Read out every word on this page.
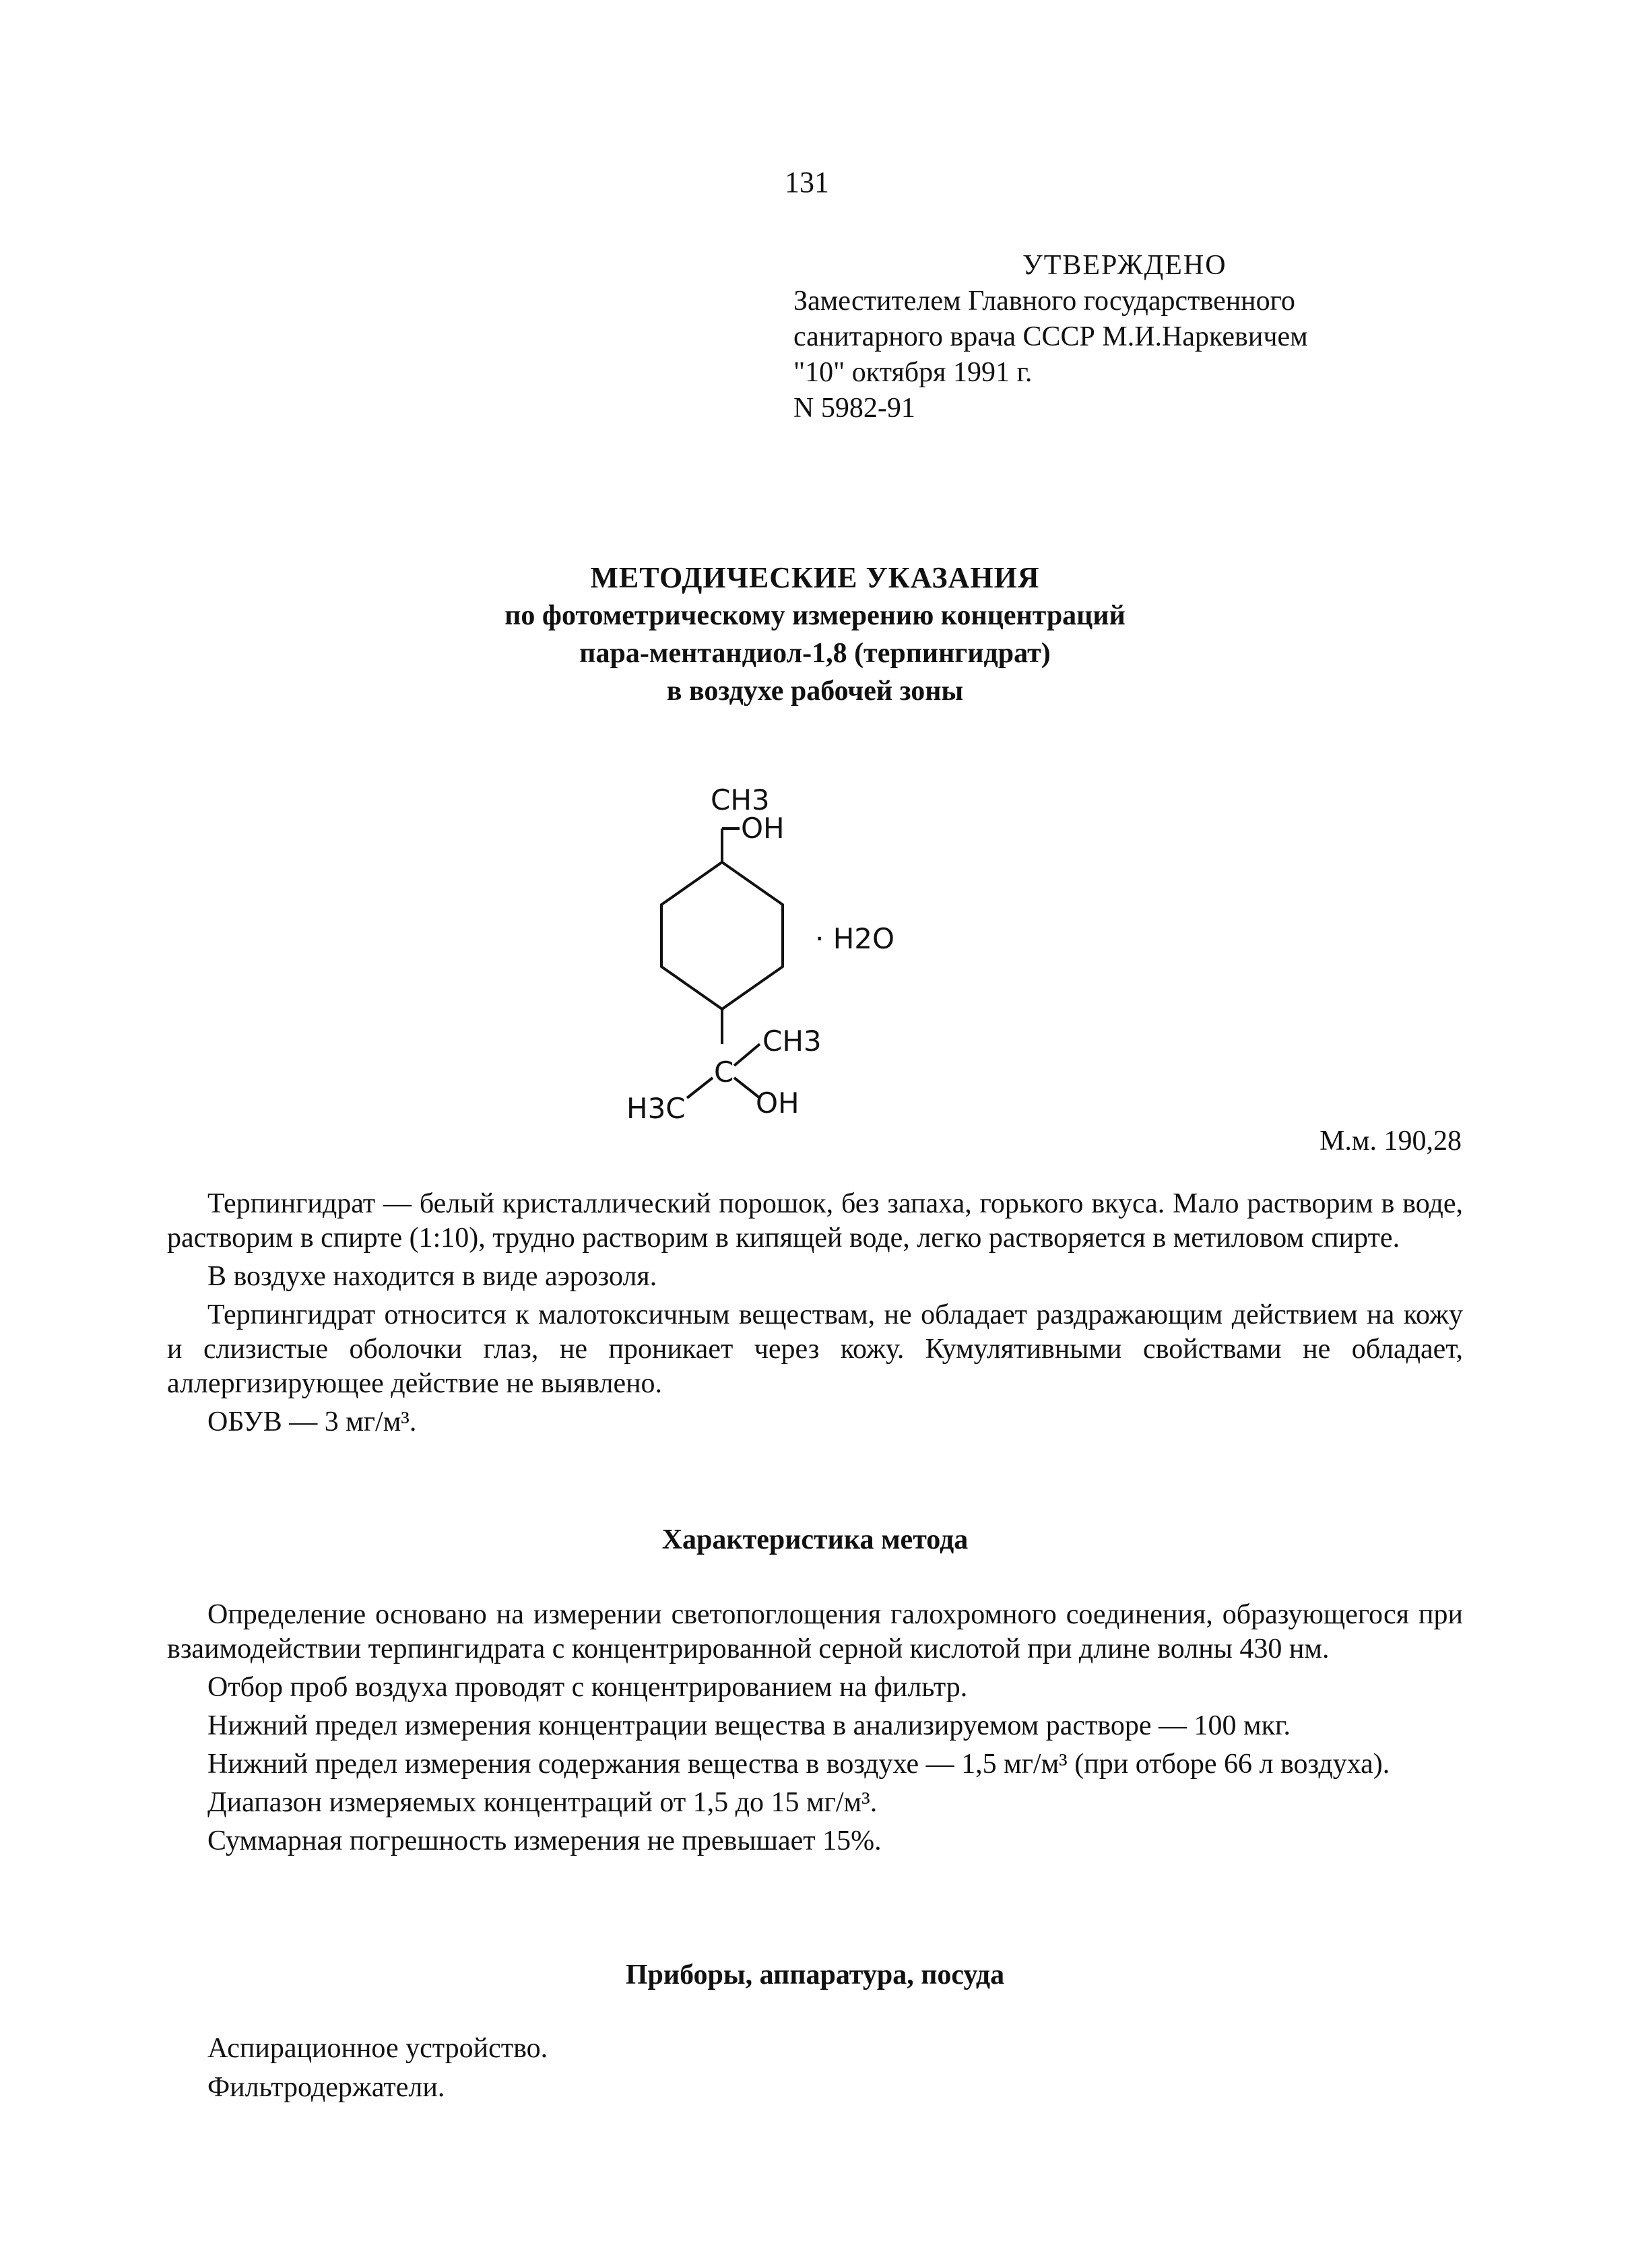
131
УТВЕРЖДЕНО
Заместителем Главного государственного
санитарного врача СССР М.И.Наркевичем
"10" октября 1991 г.
N 5982-91
МЕТОДИЧЕСКИЕ УКАЗАНИЯ
по фотометрическому измерению концентраций
пара-ментандиол-1,8 (терпингидрат)
в воздухе рабочей зоны
CH3
OH
· H2O
CH3
C
H3C OH
М.м. 190,28

Терпингидрат — белый кристаллический порошок, без запаха, горького вкуса. Мало растворим в воде, растворим в спирте (1:10), трудно растворим в кипящей воде, легко растворяется в метиловом спирте.

В воздухе находится в виде аэрозоля.

Терпингидрат относится к малотоксичным веществам, не обладает раздражающим действием на кожу и слизистые оболочки глаз, не проникает через кожу. Кумулятивными свойствами не обладает, аллергизирующее действие не выявлено.

ОБУВ — 3 мг/м³.

Характеристика метода

Определение основано на измерении светопоглощения галохромного соединения, образующегося при взаимодействии терпингидрата с концентрированной серной кислотой при длине волны 430 нм.

Отбор проб воздуха проводят с концентрированием на фильтр.

Нижний предел измерения концентрации вещества в анализируемом растворе — 100 мкг.

Нижний предел измерения содержания вещества в воздухе — 1,5 мг/м³ (при отборе 66 л воздуха).

Диапазон измеряемых концентраций от 1,5 до 15 мг/м³.

Суммарная погрешность измерения не превышает 15%.

Приборы, аппаратура, посуда
Аспирационное устройство.
Фильтродержатели.
